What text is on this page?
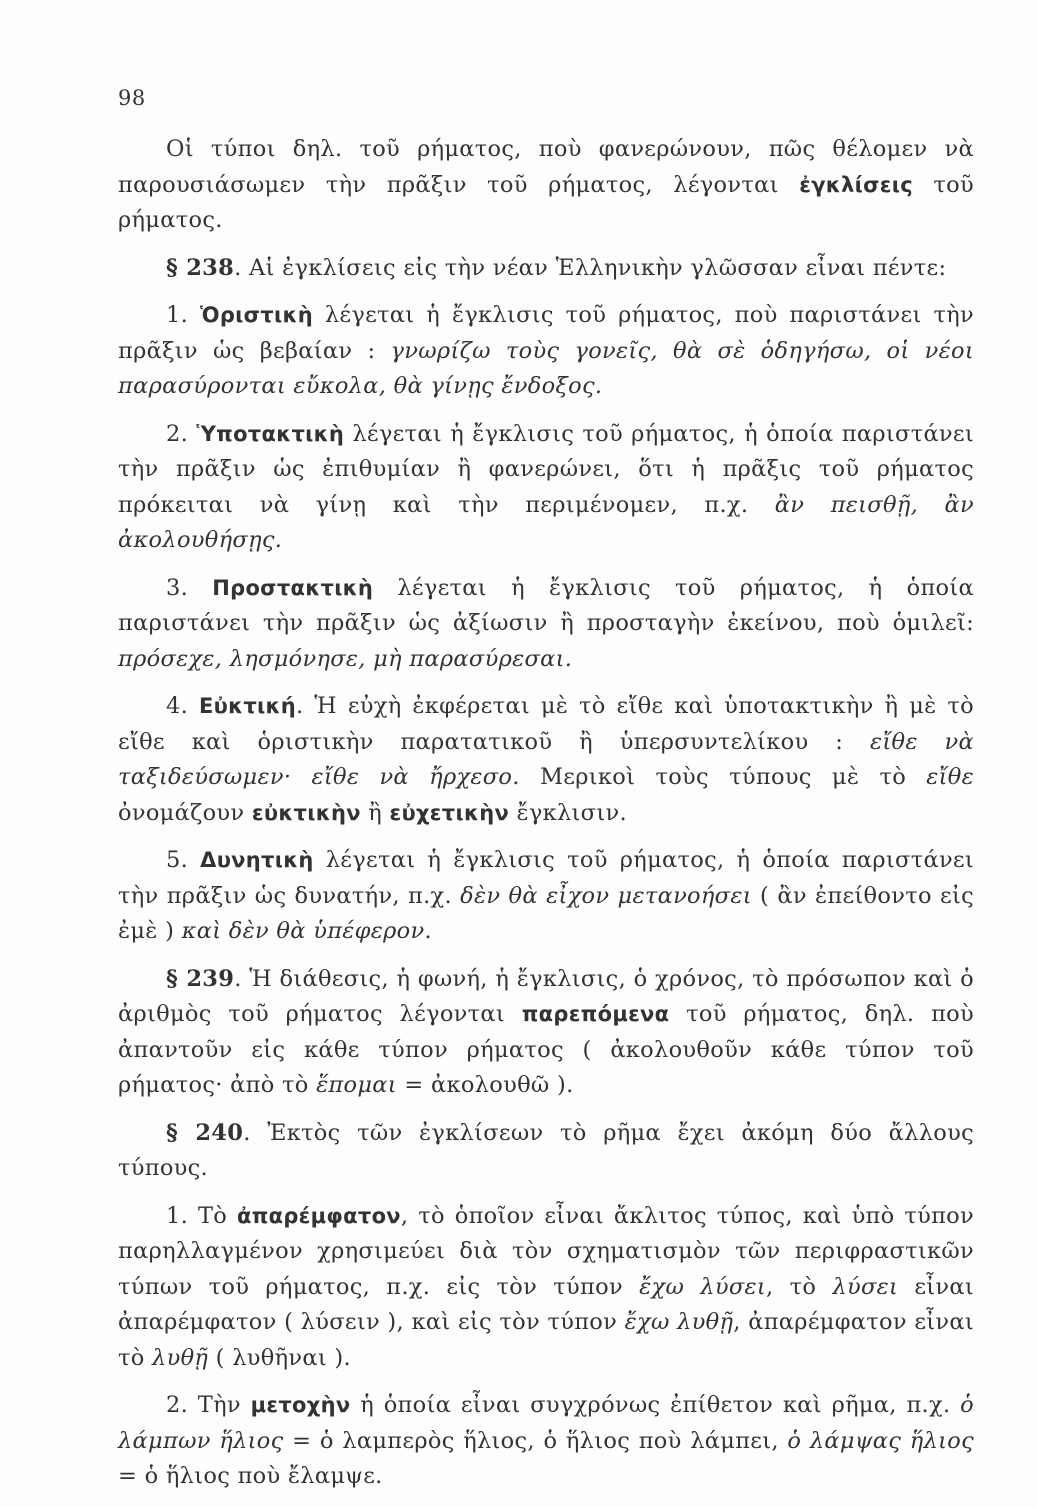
98

Οἱ τύποι δηλ. τοῦ ρήματος, ποὺ φανερώνουν, πῶς θέλομεν νὰ παρουσιάσωμεν τὴν πρᾶξιν τοῦ ρήματος, λέγονται ἐγκλίσεις τοῦ ρήματος.

§ 238. Αἱ ἐγκλίσεις εἰς τὴν νέαν Ἑλληνικὴν γλῶσσαν εἶναι πέντε:

1. Ὁριστικὴ λέγεται ἡ ἔγκλισις τοῦ ρήματος, ποὺ παριστάνει τὴν πρᾶξιν ὡς βεβαίαν : γνωρίζω τοὺς γονεῖς, θὰ σὲ ὁδηγήσω, οἱ νέοι παρασύρονται εὔκολα, θὰ γίνῃς ἔνδοξος.

2. Ὑποτακτικὴ λέγεται ἡ ἔγκλισις τοῦ ρήματος, ἡ ὁποία παριστάνει τὴν πρᾶξιν ὡς ἐπιθυμίαν ἢ φανερώνει, ὅτι ἡ πρᾶξις τοῦ ρήματος πρόκειται νὰ γίνῃ καὶ τὴν περιμένομεν, π.χ. ἂν πεισθῇ, ἂν ἀκολουθήσῃς.

3. Προστακτικὴ λέγεται ἡ ἔγκλισις τοῦ ρήματος, ἡ ὁποία παριστάνει τὴν πρᾶξιν ὡς ἀξίωσιν ἢ προσταγὴν ἐκείνου, ποὺ ὁμιλεῖ: πρόσεχε, λησμόνησε, μὴ παρασύρεσαι.

4. Εὐκτική. Ἡ εὐχὴ ἐκφέρεται μὲ τὸ εἴθε καὶ ὑποτακτικὴν ἢ μὲ τὸ εἴθε καὶ ὁριστικὴν παρατατικοῦ ἢ ὑπερσυντελίκου : εἴθε νὰ ταξιδεύσωμεν· εἴθε νὰ ἤρχεσο. Μερικοὶ τοὺς τύπους μὲ τὸ εἴθε ὀνομάζουν εὐκτικὴν ἢ εὐχετικὴν ἔγκλισιν.

5. Δυνητικὴ λέγεται ἡ ἔγκλισις τοῦ ρήματος, ἡ ὁποία παριστάνει τὴν πρᾶξιν ὡς δυνατήν, π.χ. δὲν θὰ εἶχον μετανοήσει ( ἂν ἐπείθοντο εἰς ἐμὲ ) καὶ δὲν θὰ ὑπέφερον.

§ 239. Ἡ διάθεσις, ἡ φωνή, ἡ ἔγκλισις, ὁ χρόνος, τὸ πρόσωπον καὶ ὁ ἀριθμὸς τοῦ ρήματος λέγονται παρεπόμενα τοῦ ρήματος, δηλ. ποὺ ἀπαντοῦν εἰς κάθε τύπον ρήματος ( ἀκολουθοῦν κάθε τύπον τοῦ ρήματος· ἀπὸ τὸ ἕπομαι = ἀκολουθῶ ).

§ 240. Ἐκτὸς τῶν ἐγκλίσεων τὸ ρῆμα ἔχει ἀκόμη δύο ἄλλους τύπους.

1. Τὸ ἀπαρέμφατον, τὸ ὁποῖον εἶναι ἄκλιτος τύπος, καὶ ὑπὸ τύπον παρηλλαγμένον χρησιμεύει διὰ τὸν σχηματισμὸν τῶν περιφραστικῶν τύπων τοῦ ρήματος, π.χ. εἰς τὸν τύπον ἔχω λύσει, τὸ λύσει εἶναι ἀπαρέμφατον ( λύσειν ), καὶ εἰς τὸν τύπον ἔχω λυθῇ, ἀπαρέμφατον εἶναι τὸ λυθῇ ( λυθῆναι ).

2. Τὴν μετοχὴν ἡ ὁποία εἶναι συγχρόνως ἐπίθετον καὶ ρῆμα, π.χ. ὁ λάμπων ἥλιος = ὁ λαμπερὸς ἥλιος, ὁ ἥλιος ποὺ λάμπει, ὁ λάμψας ἥλιος = ὁ ἥλιος ποὺ ἔλαμψε.
